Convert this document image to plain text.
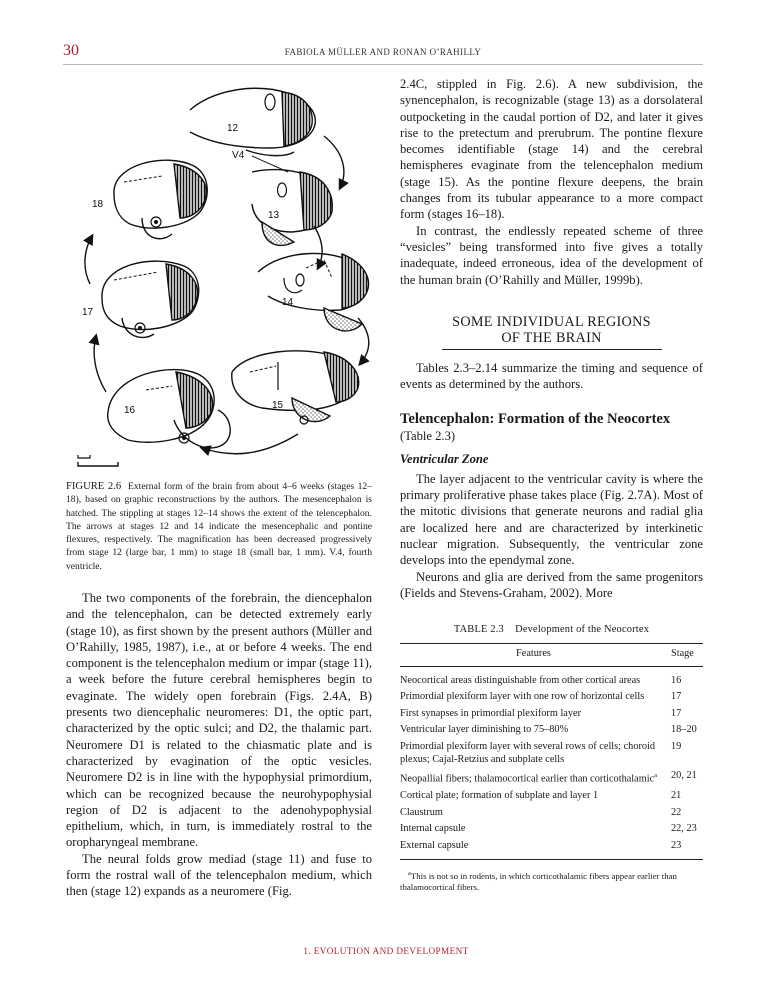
30	FABIOLA MÜLLER AND RONAN O’RAHILLY
12
13
14
15
16
17
18
V4
FIGURE 2.6 External form of the brain from about 4–6 weeks (stages 12–18), based on graphic reconstructions by the authors. The mesencephalon is hatched. The stippling at stages 12–14 shows the extent of the telencephalon. The arrows at stages 12 and 14 indicate the mesencephalic and pontine flexures, respectively. The magnification has been decreased progressively from stage 12 (large bar, 1 mm) to stage 18 (small bar, 1 mm). V.4, fourth ventricle.

The two components of the forebrain, the diencephalon and the telencephalon, can be detected extremely early (stage 10), as first shown by the present authors (Müller and O’Rahilly, 1985, 1987), i.e., at or before 4 weeks. The end component is the telencephalon medium or impar (stage 11), a week before the future cerebral hemispheres begin to evaginate. The widely open forebrain (Figs. 2.4A, B) presents two diencephalic neuromeres: D1, the optic part, characterized by the optic sulci; and D2, the thalamic part. Neuromere D1 is related to the chiasmatic plate and is characterized by evagination of the optic vesicles. Neuromere D2 is in line with the hypophysial primordium, which can be recognized because the neurohypophysial region of D2 is adjacent to the adenohypophysial epithelium, which, in turn, is immediately rostral to the oropharyngeal membrane.

The neural folds grow mediad (stage 11) and fuse to form the rostral wall of the telencephalon medium, which then (stage 12) expands as a neuromere (Fig.

2.4C, stippled in Fig. 2.6). A new subdivision, the synencephalon, is recognizable (stage 13) as a dorsolateral outpocketing in the caudal portion of D2, and later it gives rise to the pretectum and prerubrum. The pontine flexure becomes identifiable (stage 14) and the cerebral hemispheres evaginate from the telencephalon medium (stage 15). As the pontine flexure deepens, the brain changes from its tubular appearance to a more compact form (stages 16–18).

In contrast, the endlessly repeated scheme of three “vesicles” being transformed into five gives a totally inadequate, indeed erroneous, idea of the development of the human brain (O’Rahilly and Müller, 1999b).

SOME INDIVIDUAL REGIONS
OF THE BRAIN

Tables 2.3–2.14 summarize the timing and sequence of events as determined by the authors.

Telencephalon: Formation of the Neocortex
(Table 2.3)
Ventricular Zone

The layer adjacent to the ventricular cavity is where the primary proliferative phase takes place (Fig. 2.7A). Most of the mitotic divisions that generate neurons and radial glia are localized here and are characterized by interkinetic nuclear migration. Subsequently, the ventricular zone develops into the ependymal zone.

Neurons and glia are derived from the same progenitors (Fields and Stevens-Graham, 2002). More

TABLE 2.3    Development of the Neocortex
Features	Stage
Neocortical areas distinguishable from other cortical areas	16
Primordial plexiform layer with one row of horizontal cells	17
First synapses in primordial plexiform layer	17
Ventricular layer diminishing to 75–80%	18–20
Primordial plexiform layer with several rows of cells; choroid plexus; Cajal-Retzius and subplate cells	19
Neopallial fibers; thalamocortical earlier than corticothalamic$^a$	20, 21
Cortical plate; formation of subplate and layer 1	21
Claustrum	22
Internal capsule	22, 23
External capsule	23
$^a$This is not so in rodents, in which corticothalamic fibers appear earlier than thalamocortical fibers.
1. EVOLUTION AND DEVELOPMENT
